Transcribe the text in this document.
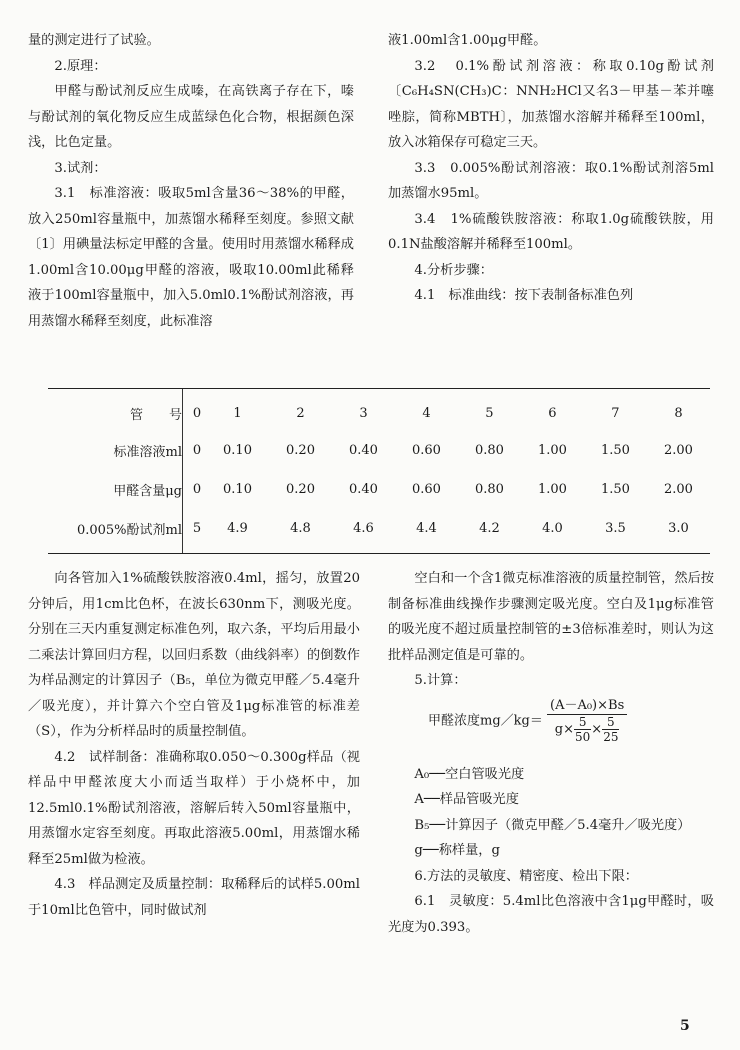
量的测定进行了试验。

2.原理：

甲醛与酚试剂反应生成嗪，在高铁离子存在下，嗪与酚试剂的氧化物反应生成蓝绿色化合物，根据颜色深浅，比色定量。

3.试剂：

3.1　标准溶液：吸取5ml含量36～38%的甲醛，放入250ml容量瓶中，加蒸馏水稀释至刻度。参照文献〔1〕用碘量法标定甲醛的含量。使用时用蒸馏水稀释成1.00ml含10.00μg甲醛的溶液，吸取10.00ml此稀释液于100ml容量瓶中，加入5.0ml0.1%酚试剂溶液，再用蒸馏水稀释至刻度，此标准溶

液1.00ml含1.00μg甲醛。

3.2　0.1%酚试剂溶液：称取0.10g酚试剂〔C₆H₄SN(CH₃)C：NNH₂HCl又名3－甲基－苯并噻唑腙，简称MBTH〕，加蒸馏水溶解并稀释至100ml，放入冰箱保存可稳定三天。

3.3　0.005%酚试剂溶液：取0.1%酚试剂溶5ml加蒸馏水95ml。

3.4　1%硫酸铁胺溶液：称取1.0g硫酸铁胺，用0.1N盐酸溶解并稀释至100ml。

4.分析步骤：

4.1　标准曲线：按下表制备标准色列

管　　号	0	1	2	3	4	5	6	7	8
标准溶液ml	0	0.10	0.20	0.40	0.60	0.80	1.00	1.50	2.00
甲醛含量μg	0	0.10	0.20	0.40	0.60	0.80	1.00	1.50	2.00
0.005%酚试剂ml	5	4.9	4.8	4.6	4.4	4.2	4.0	3.5	3.0

向各管加入1%硫酸铁胺溶液0.4ml，摇匀，放置20分钟后，用1cm比色杯，在波长630nm下，测吸光度。分别在三天内重复测定标准色列，取六条，平均后用最小二乘法计算回归方程，以回归系数（曲线斜率）的倒数作为样品测定的计算因子（B₅，单位为微克甲醛／5.4毫升／吸光度），并计算六个空白管及1μg标准管的标准差（S），作为分析样品时的质量控制值。

4.2　试样制备：准确称取0.050～0.300g样品（视样品中甲醛浓度大小而适当取样）于小烧杯中，加12.5ml0.1%酚试剂溶液，溶解后转入50ml容量瓶中，用蒸馏水定容至刻度。再取此溶液5.00ml，用蒸馏水稀释至25ml做为检液。

4.3　样品测定及质量控制：取稀释后的试样5.00ml于10ml比色管中，同时做试剂

空白和一个含1微克标准溶液的质量控制管，然后按制备标准曲线操作步骤测定吸光度。空白及1μg标准管的吸光度不超过质量控制管的±3倍标准差时，则认为这批样品测定值是可靠的。

5.计算：

甲醛浓度mg／kg＝ $\frac{\text{(A－A₀)×Bs}}{g\times \frac{5}{50} \times \frac{5}{25}}$

A₀──空白管吸光度

A──样品管吸光度

B₅──计算因子（微克甲醛／5.4毫升／吸光度）

g──称样量，g

6.方法的灵敏度、精密度、检出下限：

6.1　灵敏度：5.4ml比色溶液中含1μg甲醛时，吸光度为0.393。

5
